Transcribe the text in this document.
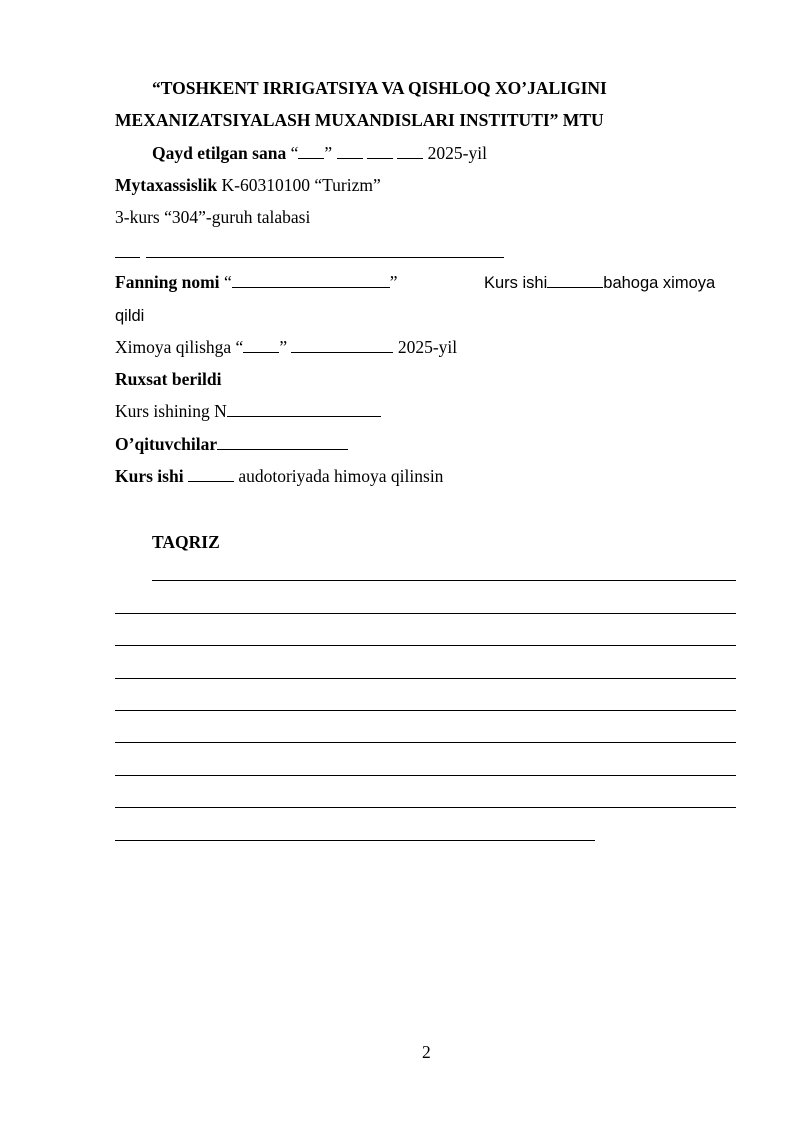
“TOSHKENT IRRIGATSIYA VA QISHLOQ XO’JALIGINI
MEXANIZATSIYALASH MUXANDISLARI INSTITUTI” MTU
Qayd etilgan sana “ ”	2025-yil
Mytaxassislik K-60310100 “Turizm”
3-kurs “304”-guruh talabasi
Fanning nomi “	”	Kurs ishi	bahoga ximoya
qildi
Ximoya qilishga “ ”	2025-yil
Ruxsat berildi
Kurs ishining N
O’qituvchilar
Kurs ishi	audotoriyada himoya qilinsin
TAQRIZ
2
